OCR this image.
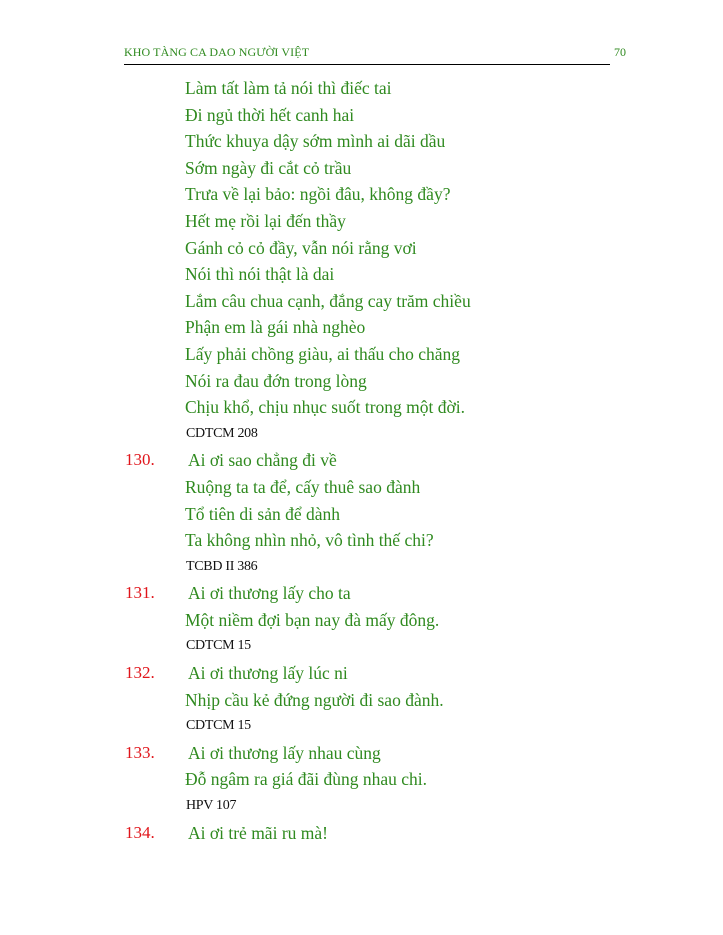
KHO TÀNG CA DAO NGƯỜI VIỆT	70
Làm tất làm tả nói thì điếc tai
Đi ngủ thời hết canh hai
Thức khuya dậy sớm mình ai dãi dầu
Sớm ngày đi cắt cỏ trầu
Trưa về lại bảo: ngồi đâu, không đầy?
Hết mẹ rồi lại đến thầy
Gánh cỏ cỏ đầy, vẫn nói rằng vơi
Nói thì nói thật là dai
Lắm câu chua cạnh, đắng cay trăm chiều
Phận em là gái nhà nghèo
Lấy phải chồng giàu, ai thấu cho chăng
Nói ra đau đớn trong lòng
Chịu khổ, chịu nhục suốt trong một đời.
CDTCM 208
130. Ai ơi sao chẳng đi về
Ruộng ta ta để, cấy thuê sao đành
Tổ tiên di sản để dành
Ta không nhìn nhỏ, vô tình thế chi?
TCBD II 386
131. Ai ơi thương lấy cho ta
Một niềm đợi bạn nay đà mấy đông.
CDTCM 15
132. Ai ơi thương lấy lúc ni
Nhịp cầu kẻ đứng người đi sao đành.
CDTCM 15
133. Ai ơi thương lấy nhau cùng
Đỗ ngâm ra giá đãi đùng nhau chi.
HPV 107
134. Ai ơi trẻ mãi ru mà!
